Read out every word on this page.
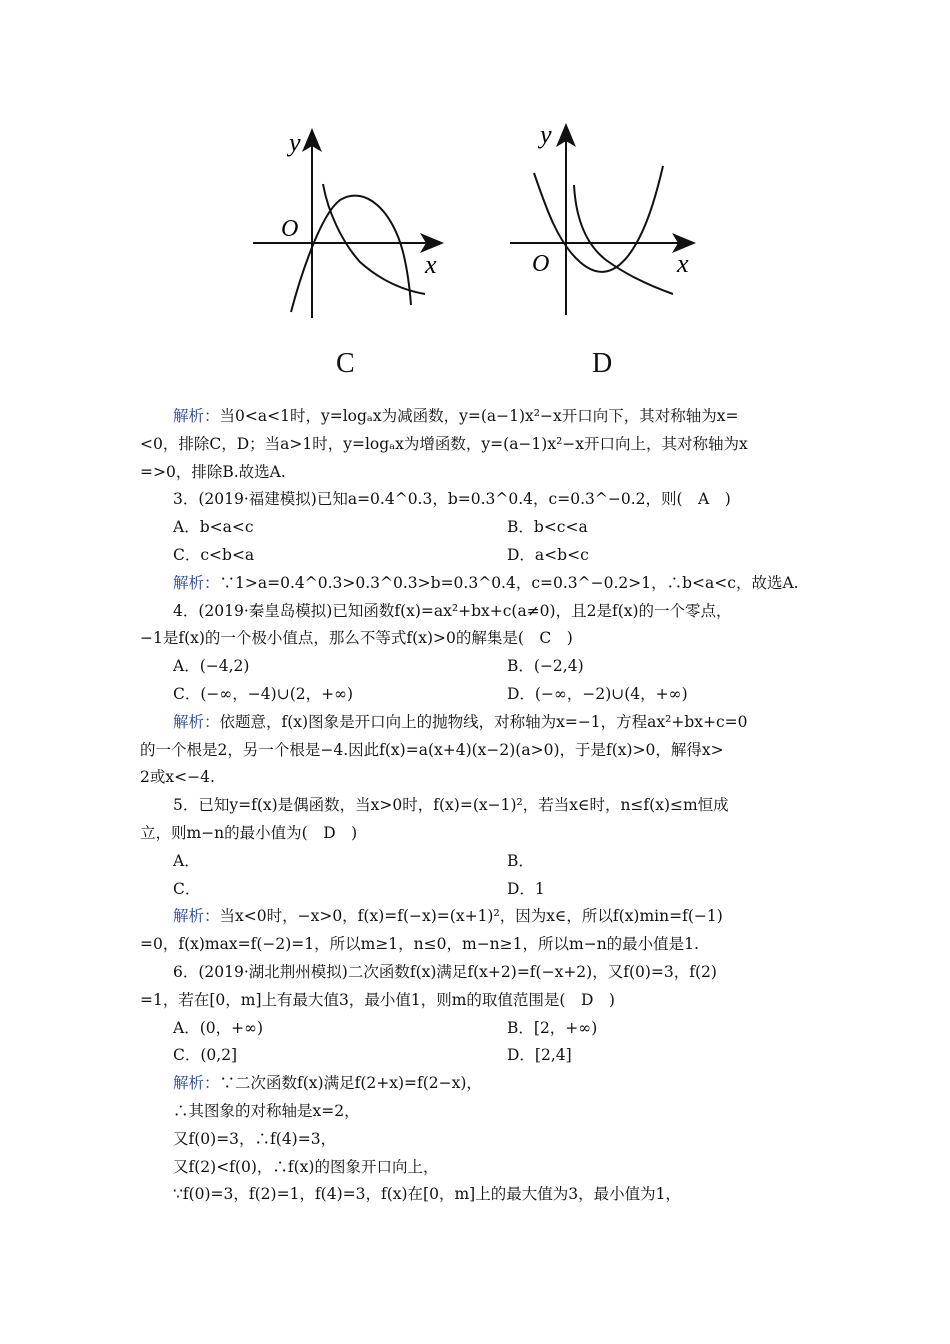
y
x
O
y
x
O
C	D
解析：当0<a<1时，y=logₐx为减函数，y=(a−1)x²−x开口向下，其对称轴为x=
<0，排除C，D；当a>1时，y=logₐx为增函数，y=(a−1)x²−x开口向上，其对称轴为x
=>0，排除B.故选A.
3．(2019·福建模拟)已知a=0.4^0.3，b=0.3^0.4，c=0.3^−0.2，则(　A　)
A．b<a<c	B．b<c<a
C．c<b<a	D．a<b<c
解析：∵1>a=0.4^0.3>0.3^0.3>b=0.3^0.4，c=0.3^−0.2>1，∴b<a<c，故选A.
4．(2019·秦皇岛模拟)已知函数f(x)=ax²+bx+c(a≠0)，且2是f(x)的一个零点，
−1是f(x)的一个极小值点，那么不等式f(x)>0的解集是(　C　)
A．(−4,2)	B．(−2,4)
C．(−∞，−4)∪(2，+∞)	D．(−∞，−2)∪(4，+∞)
解析：依题意，f(x)图象是开口向上的抛物线，对称轴为x=−1，方程ax²+bx+c=0
的一个根是2，另一个根是−4.因此f(x)=a(x+4)(x−2)(a>0)，于是f(x)>0，解得x>
2或x<−4.
5．已知y=f(x)是偶函数，当x>0时，f(x)=(x−1)²，若当x∈时，n≤f(x)≤m恒成
立，则m−n的最小值为(　D　)
A．	B．
C．	D．1
解析：当x<0时，−x>0，f(x)=f(−x)=(x+1)²，因为x∈，所以f(x)min=f(−1)
=0，f(x)max=f(−2)=1，所以m≥1，n≤0，m−n≥1，所以m−n的最小值是1.
6．(2019·湖北荆州模拟)二次函数f(x)满足f(x+2)=f(−x+2)，又f(0)=3，f(2)
=1，若在[0，m]上有最大值3，最小值1，则m的取值范围是(　D　)
A．(0，+∞)	B．[2，+∞)
C．(0,2]	D．[2,4]
解析：∵二次函数f(x)满足f(2+x)=f(2−x)，
∴其图象的对称轴是x=2，
又f(0)=3，∴f(4)=3，
又f(2)<f(0)，∴f(x)的图象开口向上，
∵f(0)=3，f(2)=1，f(4)=3，f(x)在[0，m]上的最大值为3，最小值为1，
